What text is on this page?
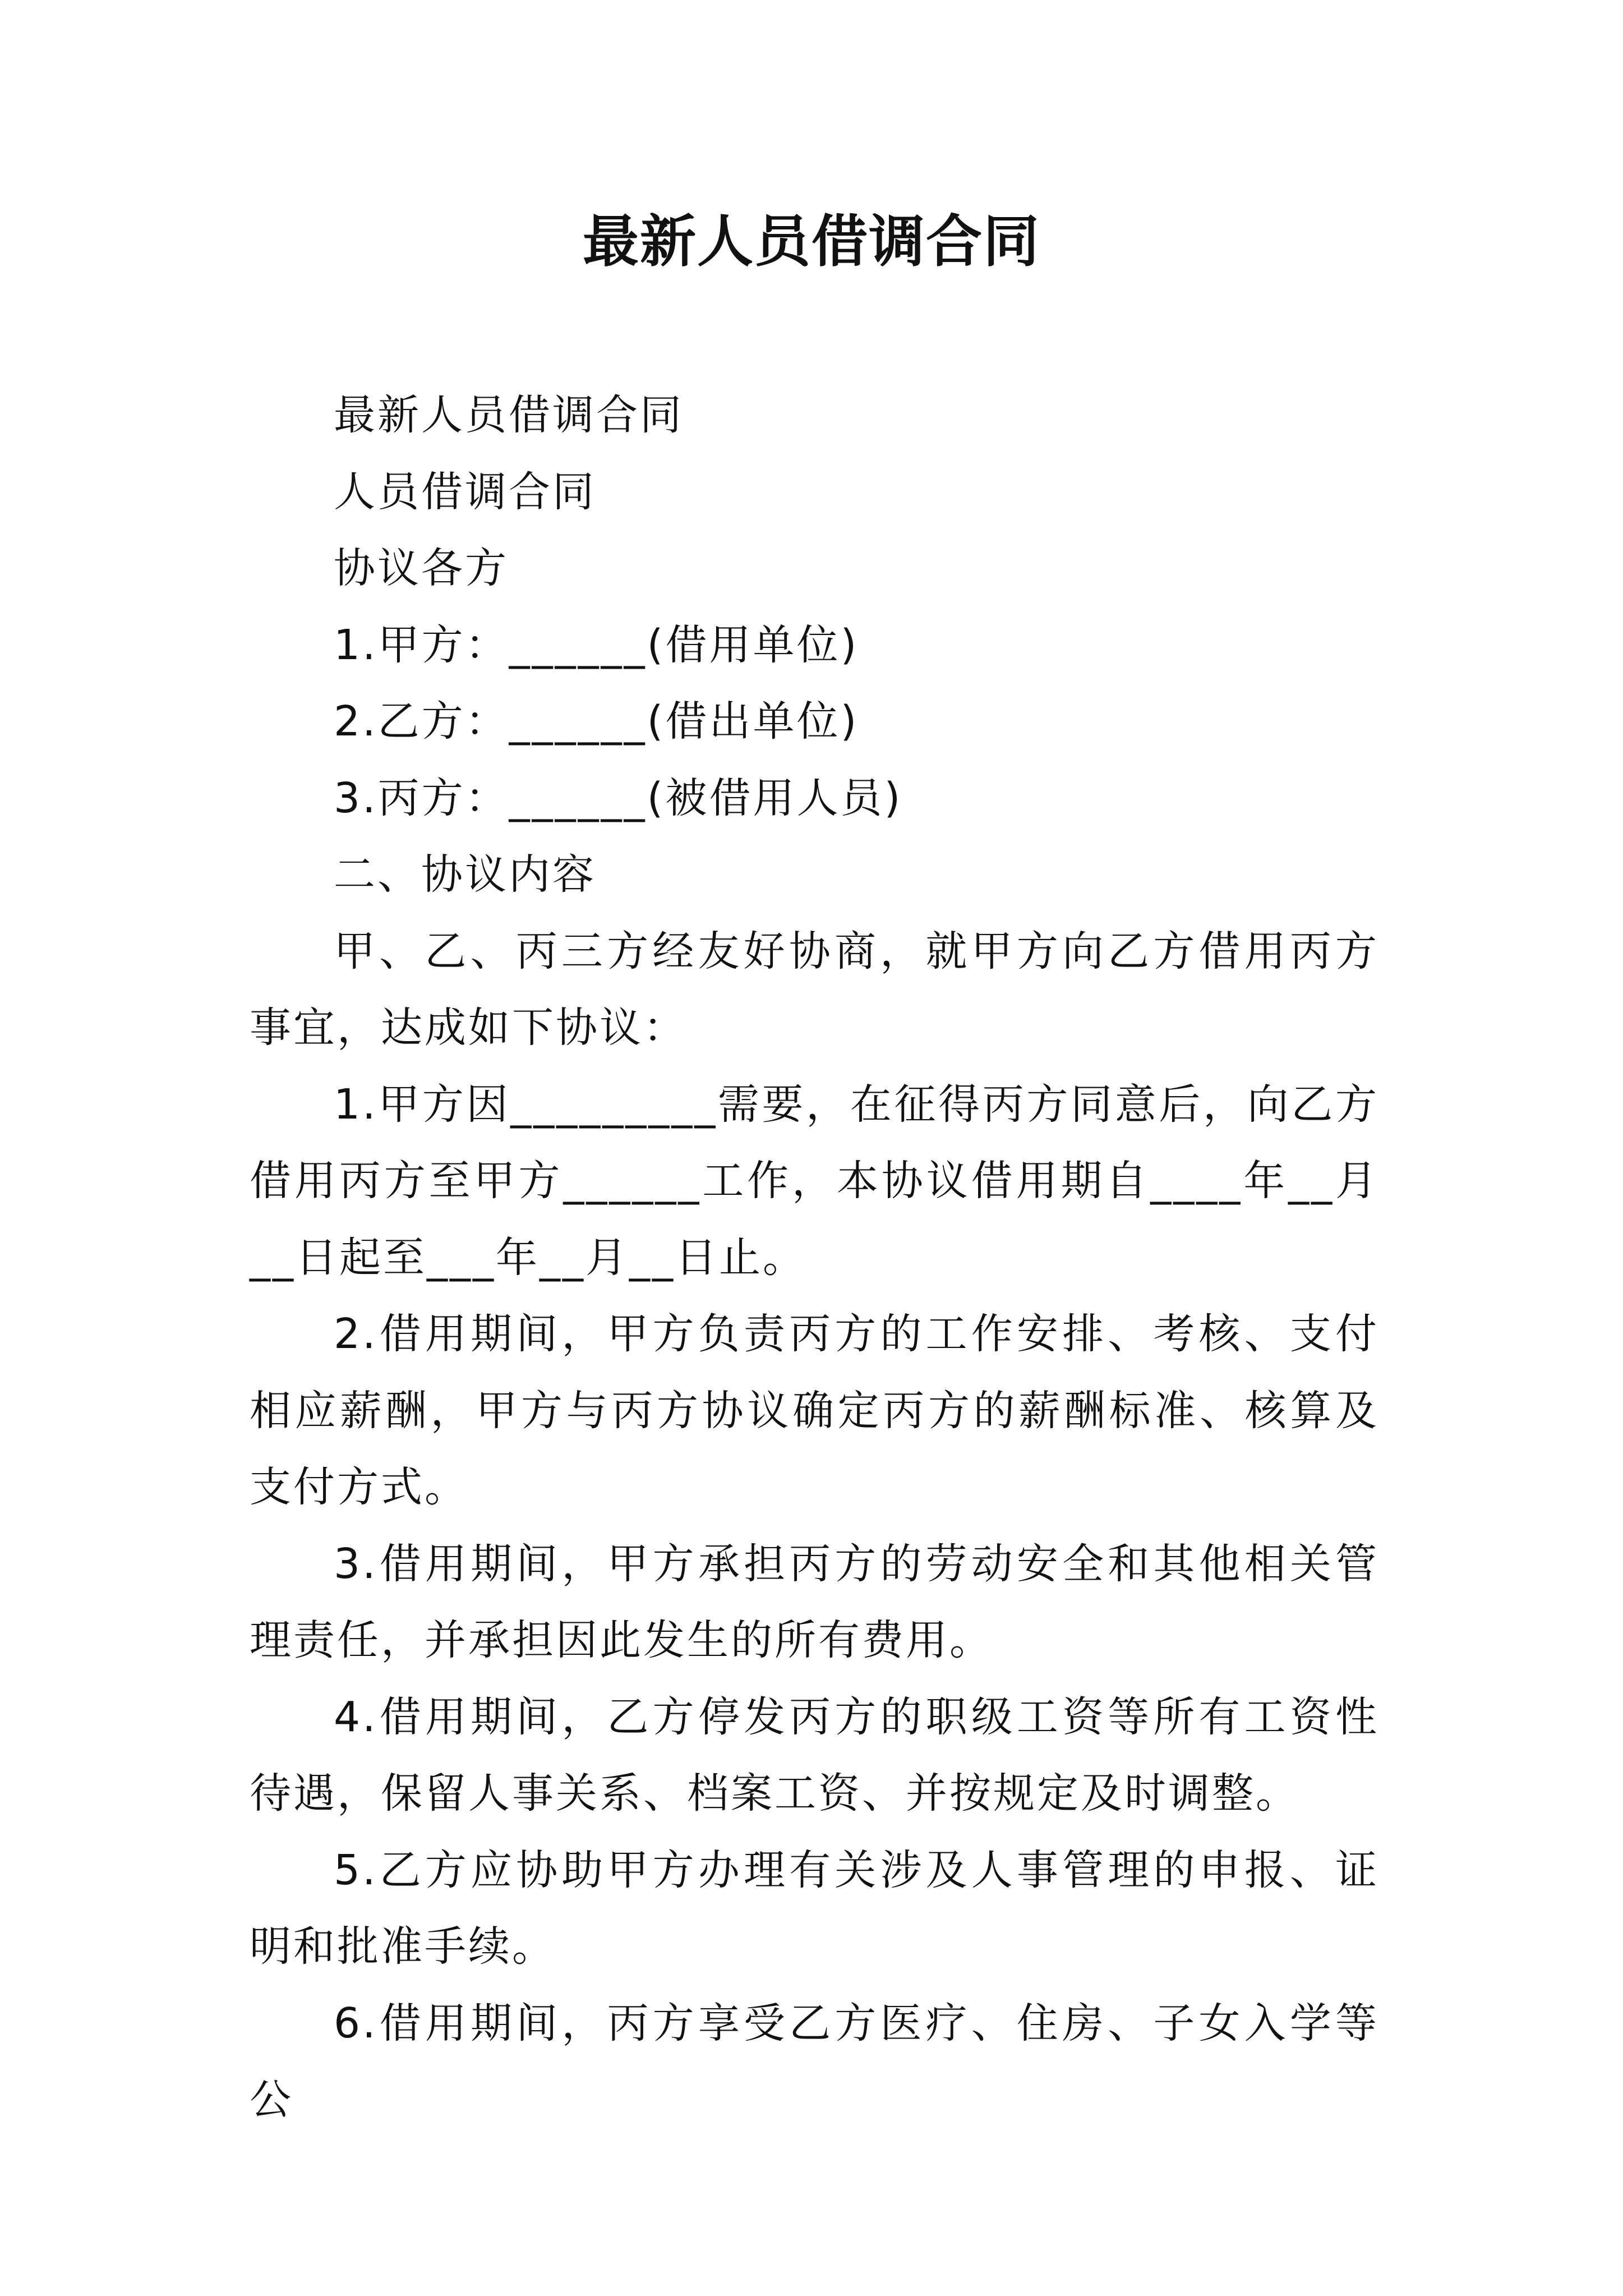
最新人员借调合同

最新人员借调合同

人员借调合同

协议各方

1.甲方：______(借用单位)

2.乙方：______(借出单位)

3.丙方：______(被借用人员)

二、协议内容

甲、乙、丙三方经友好协商，就甲方向乙方借用丙方事宜，达成如下协议：

1.甲方因_________需要，在征得丙方同意后，向乙方借用丙方至甲方______工作，本协议借用期自____年__月__日起至___年__月__日止。

2.借用期间，甲方负责丙方的工作安排、考核、支付相应薪酬，甲方与丙方协议确定丙方的薪酬标准、核算及支付方式。

3.借用期间，甲方承担丙方的劳动安全和其他相关管理责任，并承担因此发生的所有费用。

4.借用期间，乙方停发丙方的职级工资等所有工资性待遇，保留人事关系、档案工资、并按规定及时调整。

5.乙方应协助甲方办理有关涉及人事管理的申报、证明和批准手续。

6.借用期间，丙方享受乙方医疗、住房、子女入学等公
